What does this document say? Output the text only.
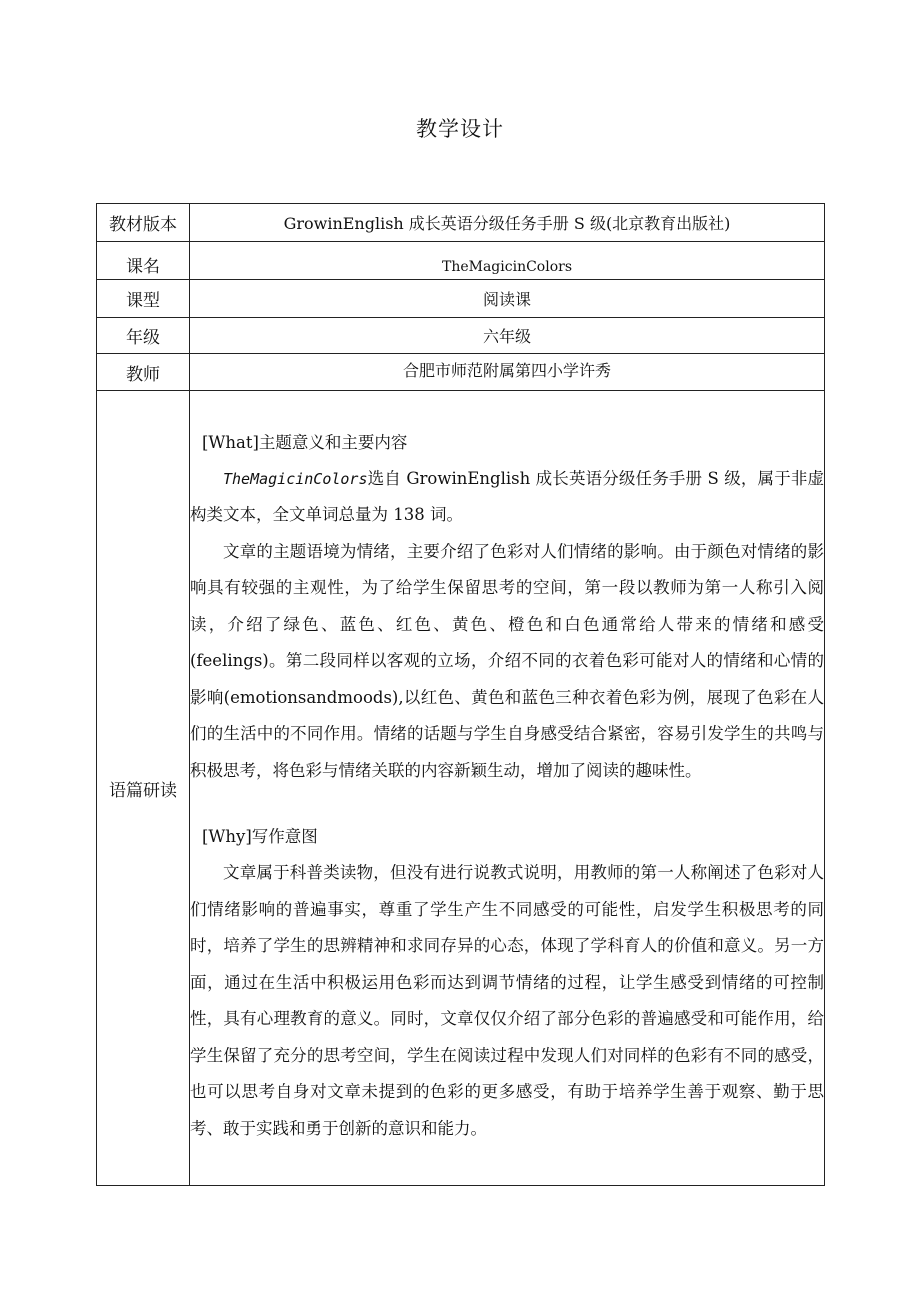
教学设计
教材版本	GrowinEnglish 成长英语分级任务手册 S 级(北京教育出版社)
课名	TheMagicinColors
课型	阅读课
年级	六年级
教师	合肥市师范附属第四小学许秀
语篇研读	[What]主题意义和主要内容

TheMagicinColors选自 GrowinEnglish 成长英语分级任务手册 S 级，属于非虚构类文本，全文单词总量为 138 词。

文章的主题语境为情绪，主要介绍了色彩对人们情绪的影响。由于颜色对情绪的影响具有较强的主观性，为了给学生保留思考的空间，第一段以教师为第一人称引入阅读，介绍了绿色、蓝色、红色、黄色、橙色和白色通常给人带来的情绪和感受(feelings)。第二段同样以客观的立场，介绍不同的衣着色彩可能对人的情绪和心情的影响(emotionsandmoods),以红色、黄色和蓝色三种衣着色彩为例，展现了色彩在人们的生活中的不同作用。情绪的话题与学生自身感受结合紧密，容易引发学生的共鸣与积极思考，将色彩与情绪关联的内容新颖生动，增加了阅读的趣味性。

[Why]写作意图

文章属于科普类读物，但没有进行说教式说明，用教师的第一人称阐述了色彩对人们情绪影响的普遍事实，尊重了学生产生不同感受的可能性，启发学生积极思考的同时，培养了学生的思辨精神和求同存异的心态，体现了学科育人的价值和意义。另一方面，通过在生活中积极运用色彩而达到调节情绪的过程，让学生感受到情绪的可控制性，具有心理教育的意义。同时，文章仅仅介绍了部分色彩的普遍感受和可能作用，给学生保留了充分的思考空间，学生在阅读过程中发现人们对同样的色彩有不同的感受，也可以思考自身对文章未提到的色彩的更多感受，有助于培养学生善于观察、勤于思考、敢于实践和勇于创新的意识和能力。
